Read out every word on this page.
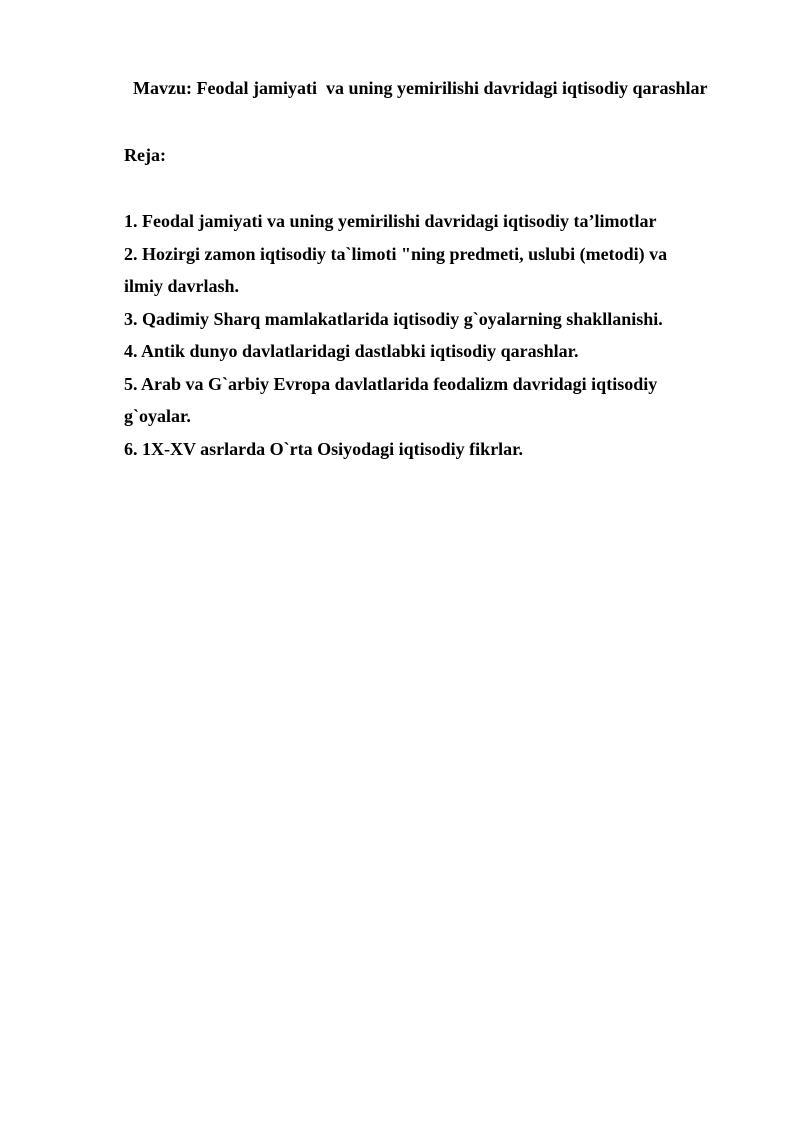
Mavzu: Feodal jamiyati  va uning yemirilishi davridagi iqtisodiy qarashlar

Reja:

1. Feodal jamiyati va uning yemirilishi davridagi iqtisodiy ta’limotlar
2. Hozirgi zamon iqtisodiy ta`limoti "ning predmeti, uslubi (metodi) va
ilmiy davrlash.
3. Qadimiy Sharq mamlakatlarida iqtisodiy g`oyalarning shakllanishi.
4. Antik dunyo davlatlaridagi dastlabki iqtisodiy qarashlar.
5. Arab va G`arbiy Evropa davlatlarida feodalizm davridagi iqtisodiy
g`oyalar.
6. 1X-XV asrlarda O`rta Osiyodagi iqtisodiy fikrlar.
